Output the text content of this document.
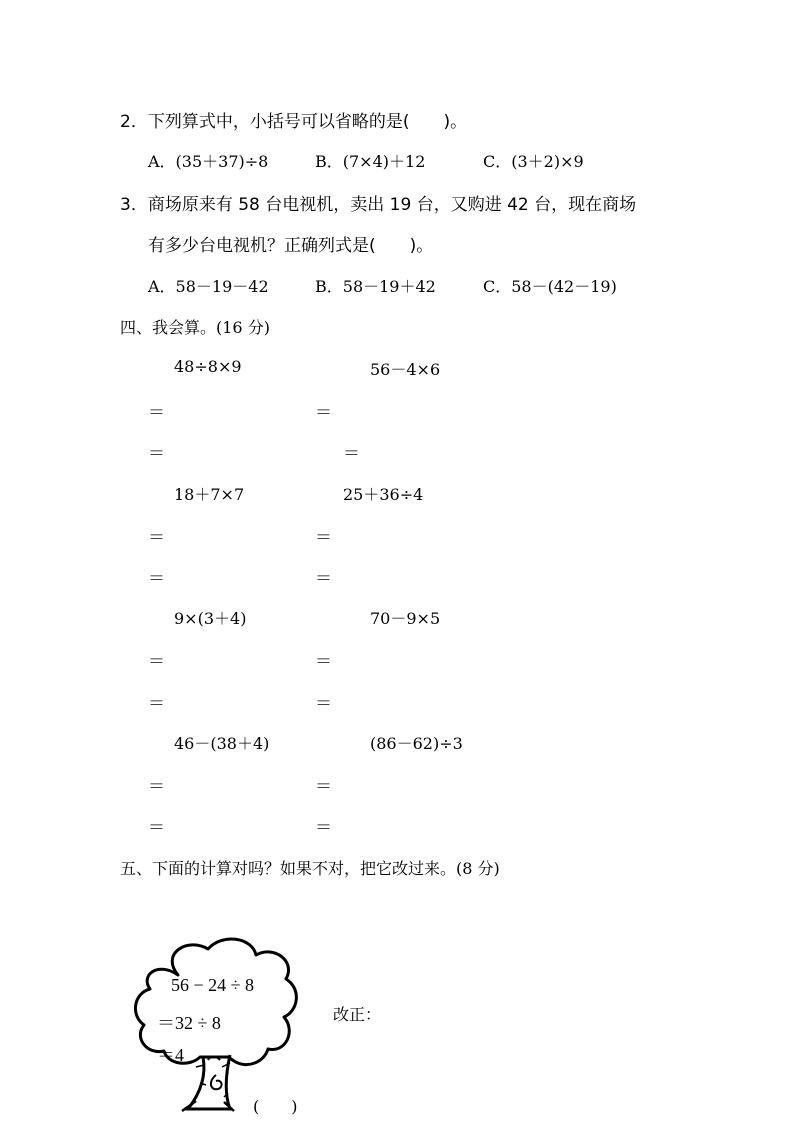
2．下列算式中，小括号可以省略的是(　　)。
A．(35＋37)÷8	B．(7×4)＋12	C．(3＋2)×9
3．商场原来有 58 台电视机，卖出 19 台，又购进 42 台，现在商场
有多少台电视机？正确列式是(　　)。
A．58－19－42	B．58－19＋42	C．58－(42－19)
四、我会算。(16 分)
48÷8×9	56－4×6
＝	＝
＝	＝
18＋7×7	25＋36÷4
＝	＝
＝	＝
9×(3＋4)	70－9×5
＝	＝
＝	＝
46－(38＋4)	(86－62)÷3
＝	＝
＝	＝
五、下面的计算对吗？如果不对，把它改过来。(8 分)
56 − 24 ÷ 8
＝32 ÷ 8
＝4
改正：
(　　)
